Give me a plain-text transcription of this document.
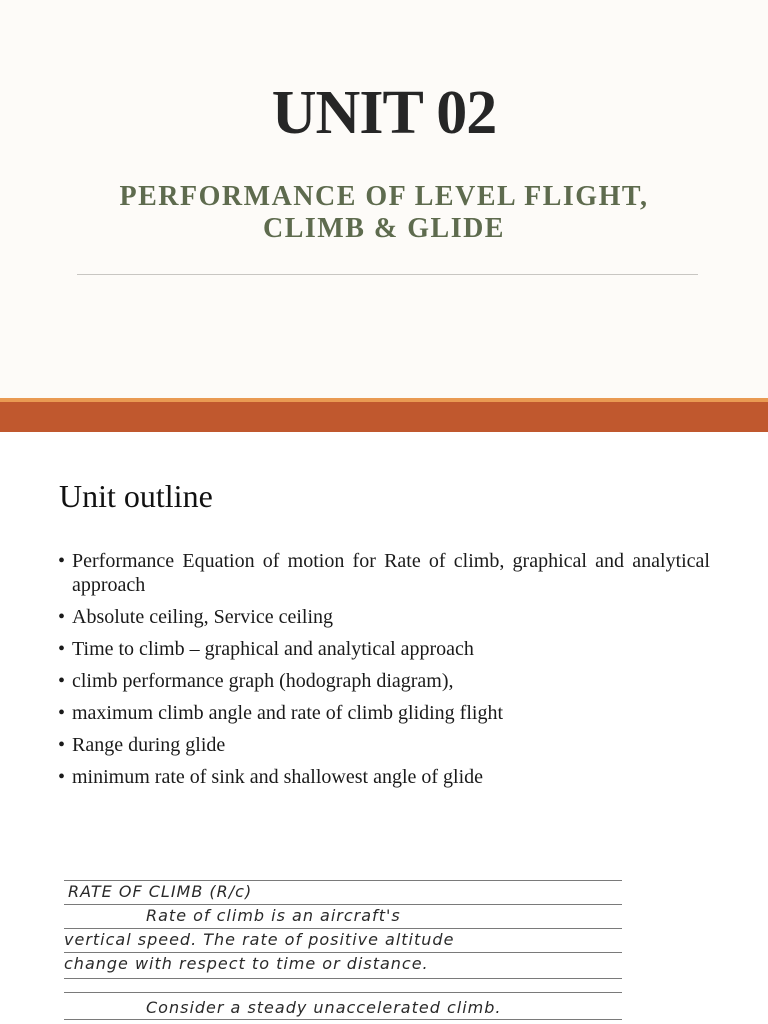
UNIT 02
PERFORMANCE OF LEVEL FLIGHT,
CLIMB & GLIDE
Unit outline
• Performance Equation of motion for Rate of climb, graphical and analytical approach
• Absolute ceiling, Service ceiling
• Time to climb – graphical and analytical approach
• climb performance graph (hodograph diagram),
• maximum climb angle and rate of climb gliding flight
• Range during glide
• minimum rate of sink and shallowest angle of glide
RATE OF CLIMB (R/c)
Rate of climb is an aircraft's
vertical speed. The rate of positive altitude
change with respect to time or distance.
Consider a steady unaccelerated climb.
